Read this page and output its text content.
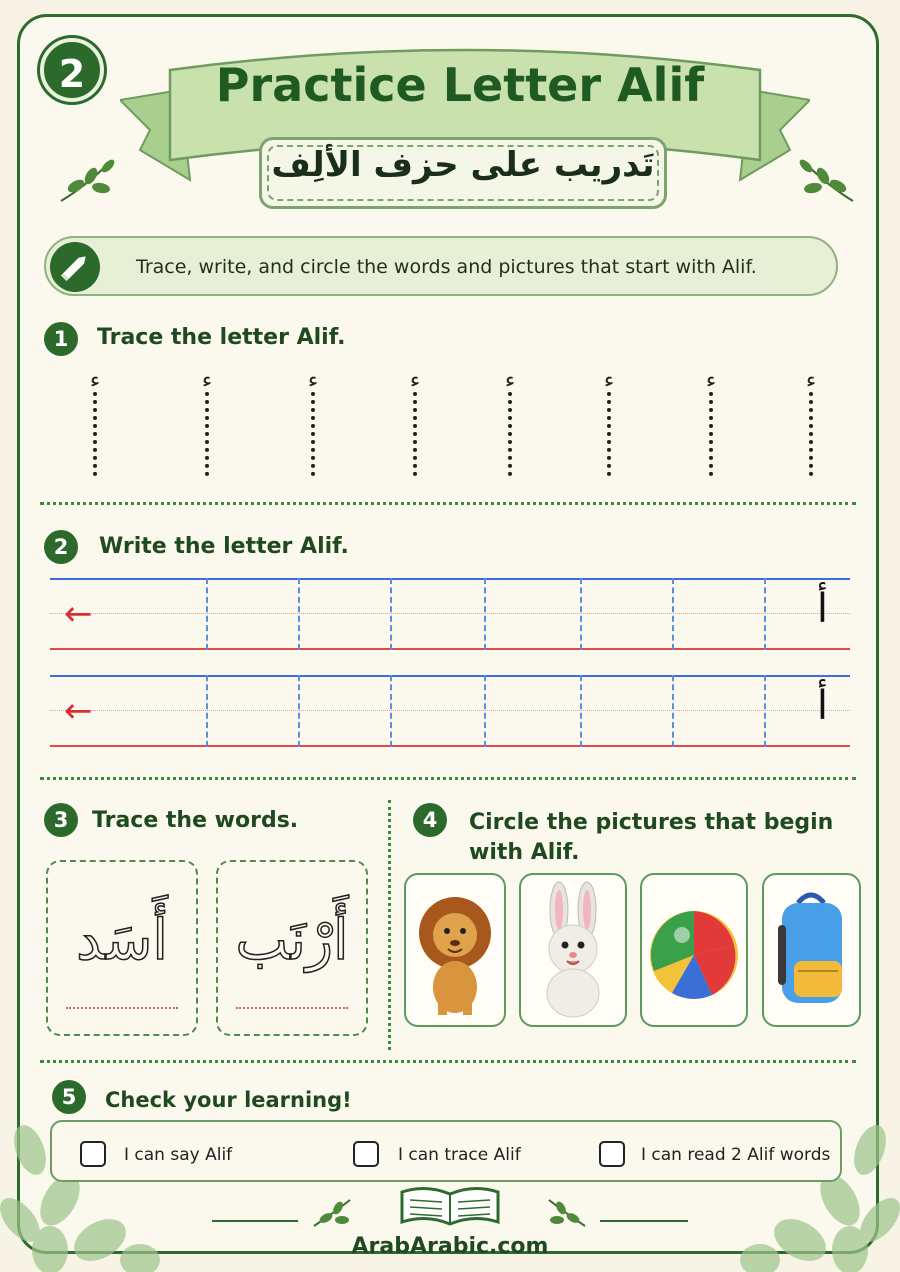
2	Practice Letter Alif
تَدريب على حزف الألِف
Trace, write, and circle the words and pictures that start with Alif.
1	Trace the letter Alif.
ء	ء	ء	ء	ء	ء	ء	ء
2	Write the letter Alif.
←	أ
←	أ
3	Trace the words.
أَسَد	أَرْنَب
4	Circle the pictures that begin
with Alif.
5	Check your learning!
I can say Alif	I can trace Alif	I can read 2 Alif words
ArabArabic.com
